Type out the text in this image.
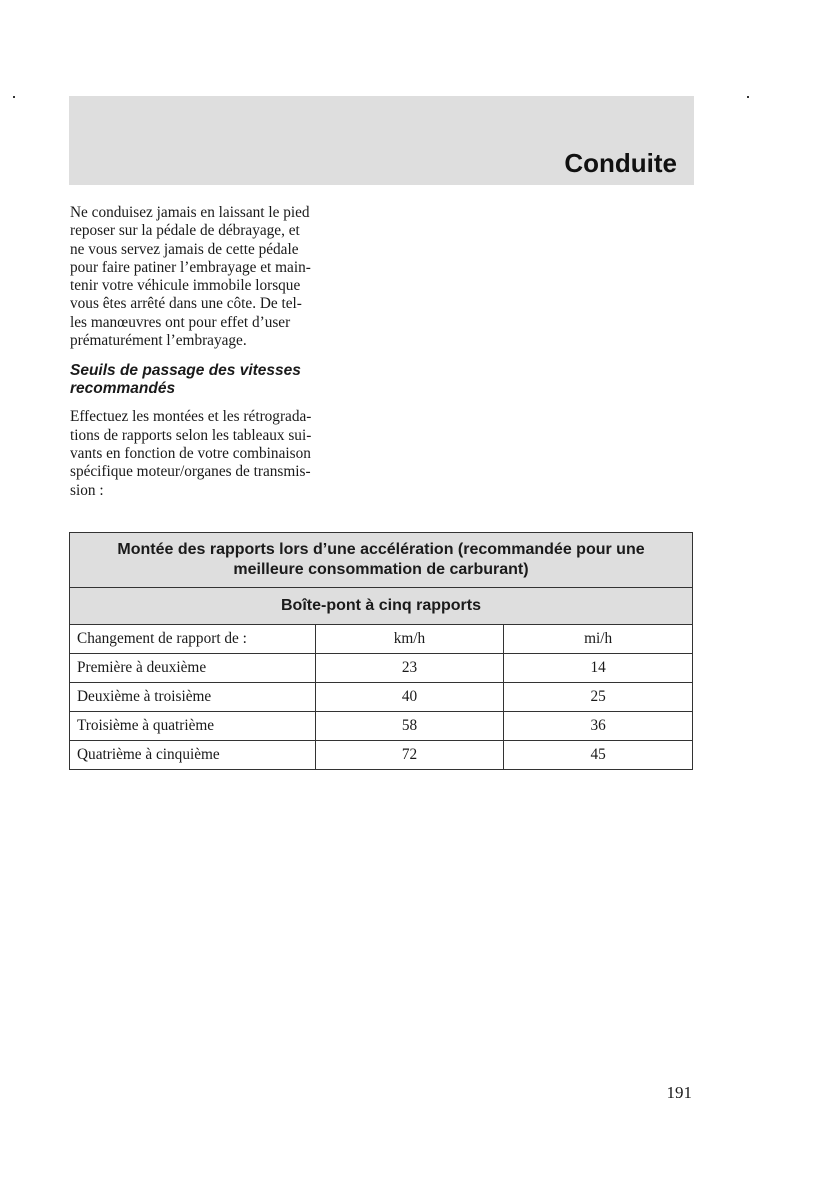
Conduite

Ne conduisez jamais en laissant le pied
reposer sur la pédale de débrayage, et
ne vous servez jamais de cette pédale
pour faire patiner l’embrayage et main-
tenir votre véhicule immobile lorsque
vous êtes arrêté dans une côte. De tel-
les manœuvres ont pour effet d’user
prématurément l’embrayage.

Seuils de passage des vitesses
recommandés

Effectuez les montées et les rétrograda-
tions de rapports selon les tableaux sui-
vants en fonction de votre combinaison
spécifique moteur/organes de transmis-
sion :

Montée des rapports lors d’une accélération (recommandée pour une
meilleure consommation de carburant)		
Boîte-pont à cinq rapports		
Changement de rapport de :	km/h	mi/h
Première à deuxième	23	14
Deuxième à troisième	40	25
Troisième à quatrième	58	36
Quatrième à cinquième	72	45
191
